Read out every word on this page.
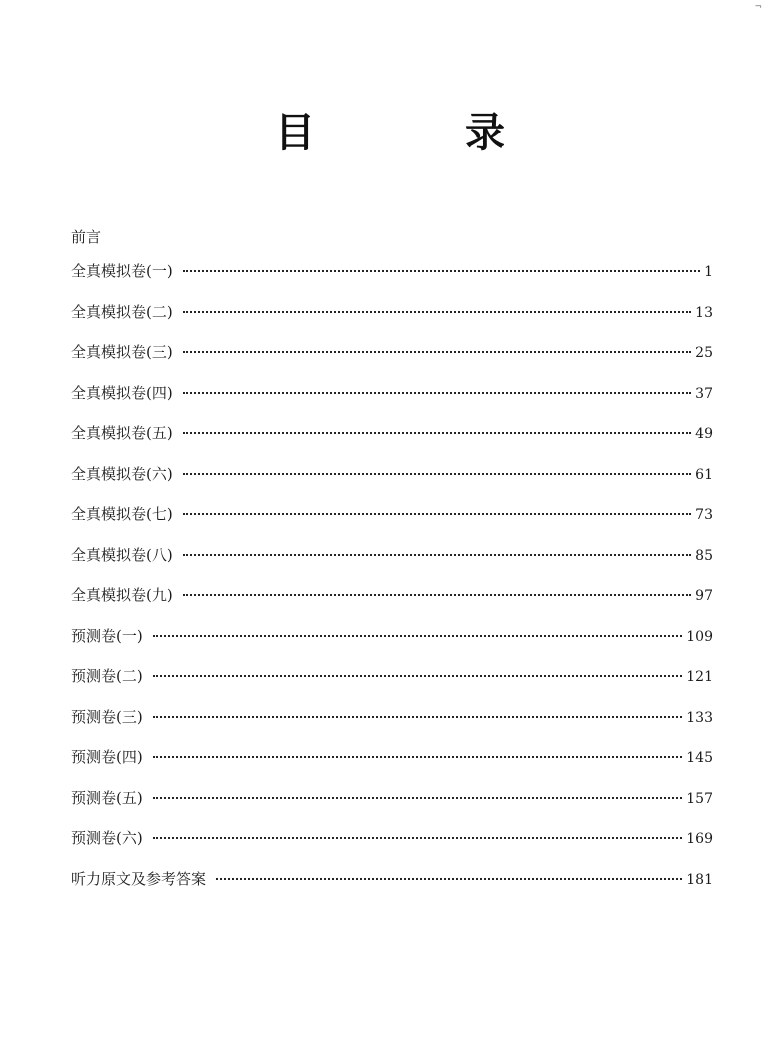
¬
目 录
前言
全真模拟卷(一)	1
全真模拟卷(二)	13
全真模拟卷(三)	25
全真模拟卷(四)	37
全真模拟卷(五)	49
全真模拟卷(六)	61
全真模拟卷(七)	73
全真模拟卷(八)	85
全真模拟卷(九)	97
预测卷(一)	109
预测卷(二)	121
预测卷(三)	133
预测卷(四)	145
预测卷(五)	157
预测卷(六)	169
听力原文及参考答案	181
